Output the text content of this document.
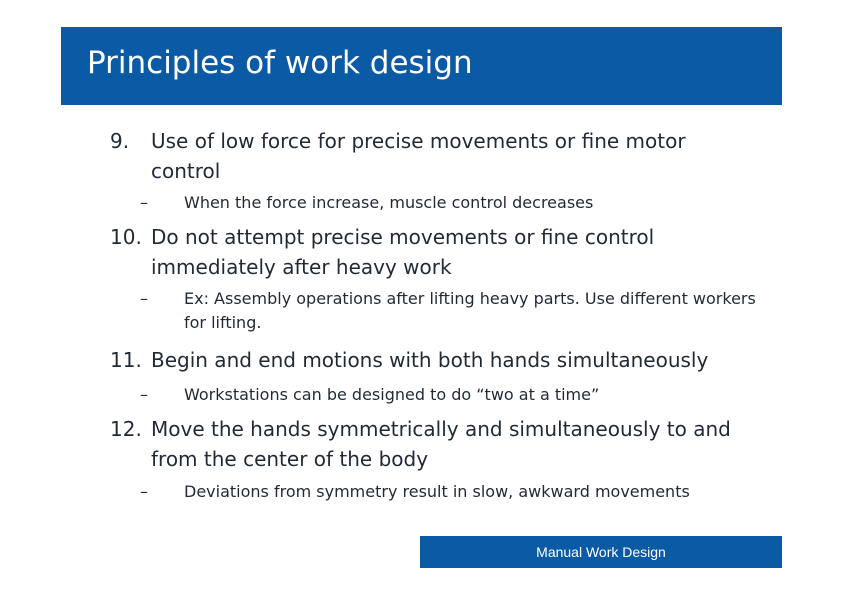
Principles of work design
9. Use of low force for precise movements or fine motor control
– When the force increase, muscle control decreases
10. Do not attempt precise movements or fine control immediately after heavy work
– Ex: Assembly operations after lifting heavy parts. Use different workers for lifting.
11. Begin and end motions with both hands simultaneously
– Workstations can be designed to do “two at a time”
12. Move the hands symmetrically and simultaneously to and from the center of the body
– Deviations from symmetry result in slow, awkward movements
Manual Work Design
